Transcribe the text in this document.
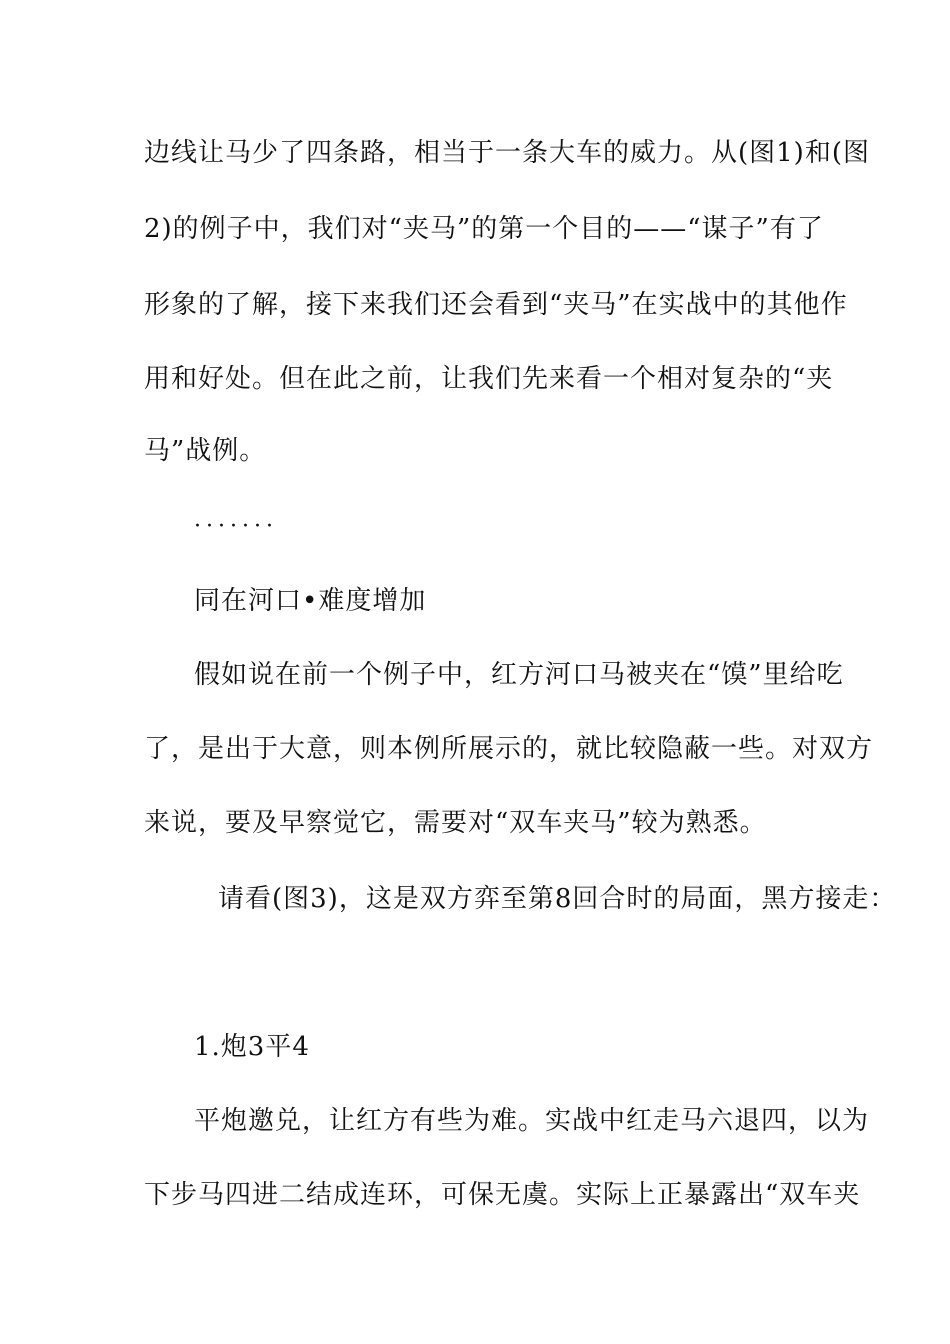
边线让马少了四条路，相当于一条大车的威力。从(图1)和(图
2)的例子中，我们对“夹马”的第一个目的——“谋子”有了
形象的了解，接下来我们还会看到“夹马”在实战中的其他作
用和好处。但在此之前，让我们先来看一个相对复杂的“夹
马”战例。
·······
同在河口•难度增加
假如说在前一个例子中，红方河口马被夹在“馍”里给吃
了，是出于大意，则本例所展示的，就比较隐蔽一些。对双方
来说，要及早察觉它，需要对“双车夹马”较为熟悉。
请看(图3)，这是双方弈至第8回合时的局面，黑方接走：
1.炮3平4
平炮邀兑，让红方有些为难。实战中红走马六退四，以为
下步马四进二结成连环，可保无虞。实际上正暴露出“双车夹
